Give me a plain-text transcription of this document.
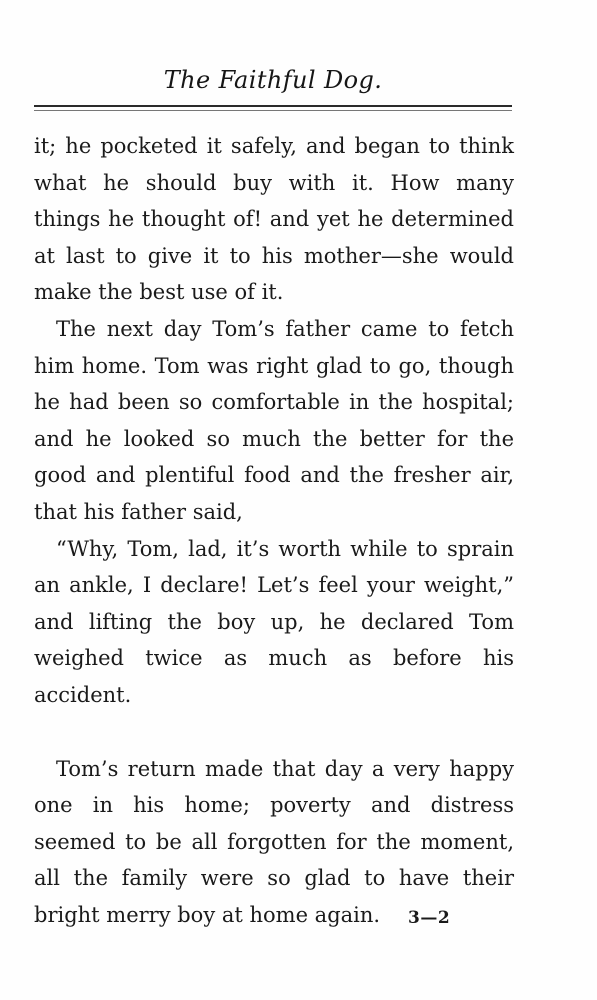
The Faithful Dog.

it; he pocketed it safely, and began to think what he should buy with it. How many things he thought of! and yet he determined at last to give it to his mother—she would make the best use of it.

The next day Tom’s father came to fetch him home. Tom was right glad to go, though he had been so comfortable in the hospital; and he looked so much the better for the good and plentiful food and the fresher air, that his father said,

“Why, Tom, lad, it’s worth while to sprain an ankle, I declare! Let’s feel your weight,” and lifting the boy up, he declared Tom weighed twice as much as before his accident.

Tom’s return made that day a very happy one in his home; poverty and distress seemed to be all forgotten for the moment, all the family were so glad to have their bright merry boy at home again.	3—2
